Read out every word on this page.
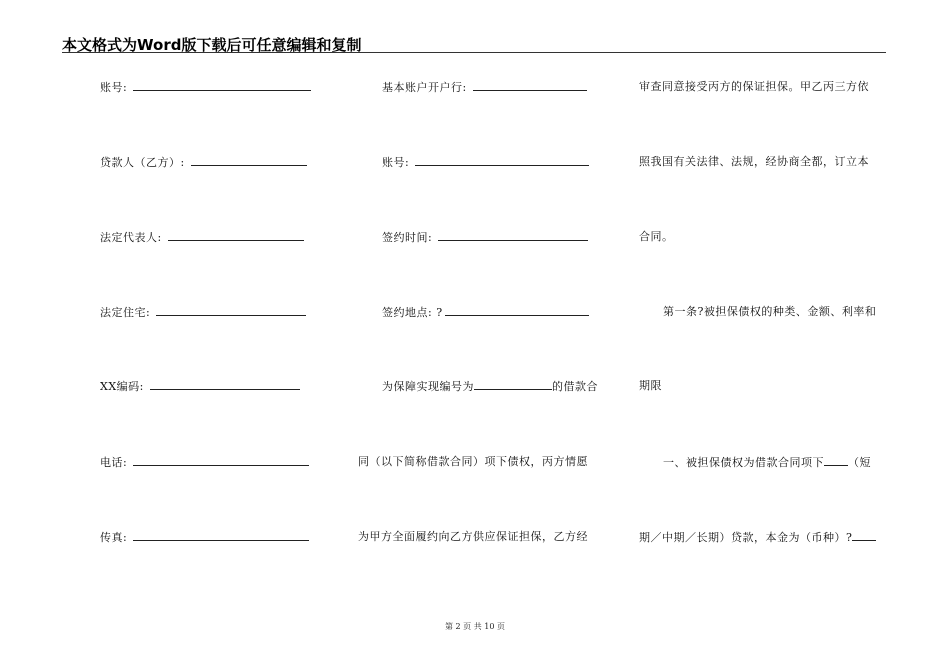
本文格式为Word版下载后可任意编辑和复制
账号:
贷款人（乙方）:
法定代表人:
法定住宅:
XX编码:
电话:
传真:
基本账户开户行:
账号:
签约时间:
签约地点: ?
为保障实现编号为	的借款合
同（以下简称借款合同）项下债权，丙方情愿
为甲方全面履约向乙方供应保证担保，乙方经
审查同意接受丙方的保证担保。甲乙丙三方依
照我国有关法律、法规，经协商全都，订立本
合同。
第一条?被担保债权的种类、金额、利率和
期限
一、被担保债权为借款合同项下 （短
期／中期／长期）贷款，本金为（币种）?
第 2 页 共 10 页
